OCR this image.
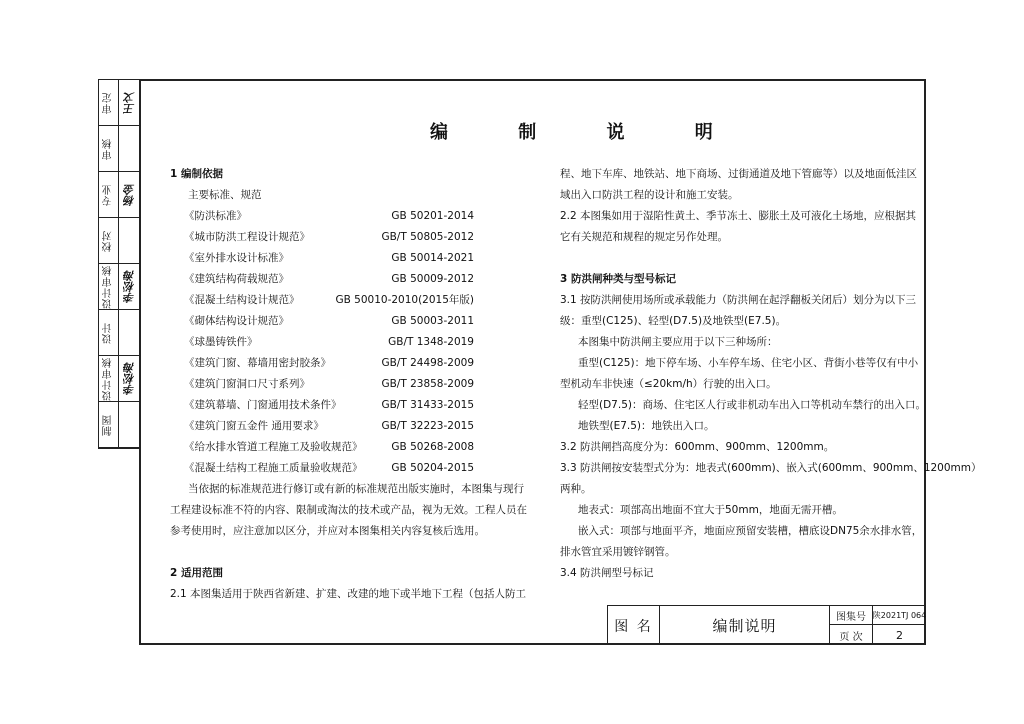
审定 王文
审核
专业 杨金
校对
设计审核 李松海
设计
设计审核 李松海
制图
编 制 说 明
1 编制依据
主要标准、规范
《防洪标准》	GB 50201-2014
《城市防洪工程设计规范》	GB/T 50805-2012
《室外排水设计标准》	GB 50014-2021
《建筑结构荷载规范》	GB 50009-2012
《混凝土结构设计规范》	GB 50010-2010(2015年版)
《砌体结构设计规范》	GB 50003-2011
《球墨铸铁件》	GB/T 1348-2019
《建筑门窗、幕墙用密封胶条》	GB/T 24498-2009
《建筑门窗洞口尺寸系列》	GB/T 23858-2009
《建筑幕墙、门窗通用技术条件》	GB/T 31433-2015
《建筑门窗五金件 通用要求》	GB/T 32223-2015
《给水排水管道工程施工及验收规范》	GB 50268-2008
《混凝土结构工程施工质量验收规范》	GB 50204-2015
当依据的标准规范进行修订或有新的标准规范出版实施时，本图集与现行
工程建设标准不符的内容、限制或淘汰的技术或产品，视为无效。工程人员在
参考使用时，应注意加以区分，并应对本图集相关内容复核后选用。
2 适用范围
2.1 本图集适用于陕西省新建、扩建、改建的地下或半地下工程（包括人防工
程、地下车库、地铁站、地下商场、过街通道及地下管廊等）以及地面低洼区
域出入口防洪工程的设计和施工安装。
2.2 本图集如用于湿陷性黄土、季节冻土、膨胀土及可液化土场地，应根据其
它有关规范和规程的规定另作处理。
3 防洪闸种类与型号标记
3.1 按防洪闸使用场所或承载能力（防洪闸在起浮翻板关闭后）划分为以下三
级：重型(C125)、轻型(D7.5)及地铁型(E7.5)。
本图集中防洪闸主要应用于以下三种场所：
重型(C125)：地下停车场、小车停车场、住宅小区、背街小巷等仅有中小
型机动车非快速（≤20km/h）行驶的出入口。
轻型(D7.5)：商场、住宅区人行或非机动车出入口等机动车禁行的出入口。
地铁型(E7.5)：地铁出入口。
3.2 防洪闸挡高度分为：600mm、900mm、1200mm。
3.3 防洪闸按安装型式分为：地表式(600mm)、嵌入式(600mm、900mm、1200mm）
两种。
地表式：项部高出地面不宜大于50mm，地面无需开槽。
嵌入式：项部与地面平齐，地面应预留安装槽，槽底设DN75余水排水管，
排水管宜采用镀锌钢管。
3.4 防洪闸型号标记
图 名	编制说明	图集号 陕2021TJ 064
页 次	2
